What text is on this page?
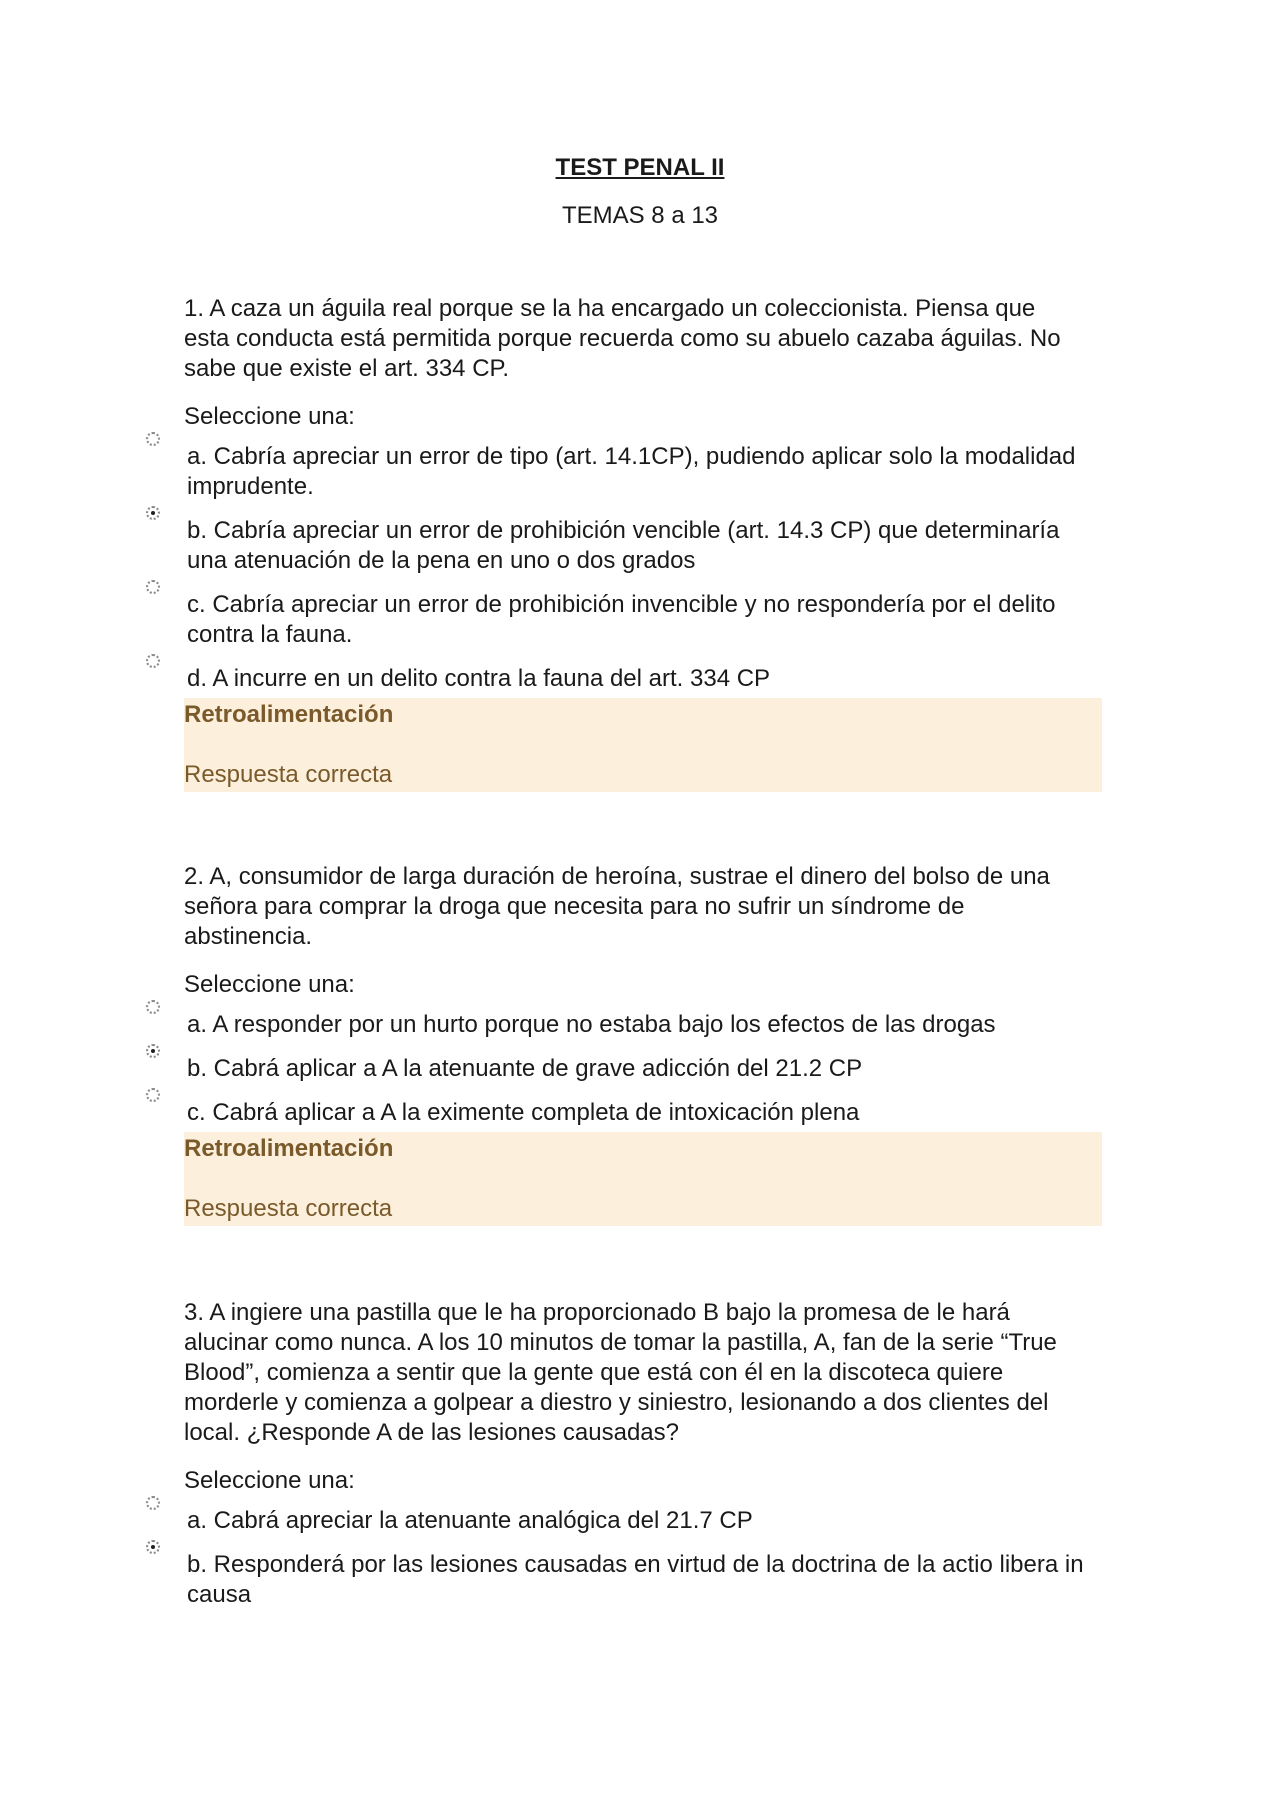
TEST PENAL II
TEMAS 8 a 13

1. A caza un águila real porque se la ha encargado un coleccionista. Piensa que esta conducta está permitida porque recuerda como su abuelo cazaba águilas. No sabe que existe el art. 334 CP.

Seleccione una:
a. Cabría apreciar un error de tipo (art. 14.1CP), pudiendo aplicar solo la modalidad imprudente.
b. Cabría apreciar un error de prohibición vencible (art. 14.3 CP) que determinaría una atenuación de la pena en uno o dos grados
c. Cabría apreciar un error de prohibición invencible y no respondería por el delito contra la fauna.
d. A incurre en un delito contra la fauna del art. 334 CP

Retroalimentación

Respuesta correcta

2. A, consumidor de larga duración de heroína, sustrae el dinero del bolso de una señora para comprar la droga que necesita para no sufrir un síndrome de abstinencia.

Seleccione una:
a. A responder por un hurto porque no estaba bajo los efectos de las drogas
b. Cabrá aplicar a A la atenuante de grave adicción del 21.2 CP
c. Cabrá aplicar a A la eximente completa de intoxicación plena

Retroalimentación

Respuesta correcta

3. A ingiere una pastilla que le ha proporcionado B bajo la promesa de le hará alucinar como nunca. A los 10 minutos de tomar la pastilla, A, fan de la serie “True Blood”, comienza a sentir que la gente que está con él en la discoteca quiere morderle y comienza a golpear a diestro y siniestro, lesionando a dos clientes del local. ¿Responde A de las lesiones causadas?

Seleccione una:
a. Cabrá apreciar la atenuante analógica del 21.7 CP
b. Responderá por las lesiones causadas en virtud de la doctrina de la actio libera in causa
